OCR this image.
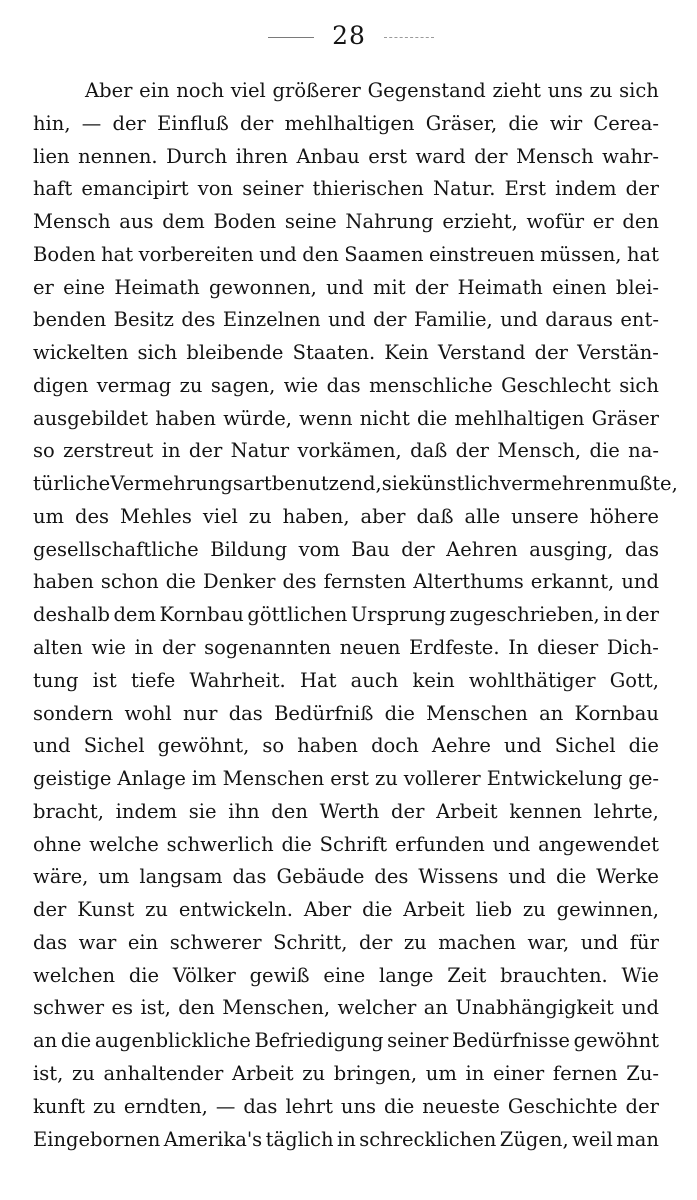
28
Aber ein noch viel größerer Gegenstand zieht uns zu sich
hin, — der Einfluß der mehlhaltigen Gräser, die wir Cerea-
lien nennen. Durch ihren Anbau erst ward der Mensch wahr-
haft emancipirt von seiner thierischen Natur. Erst indem der
Mensch aus dem Boden seine Nahrung erzieht, wofür er den
Boden hat vorbereiten und den Saamen einstreuen müssen, hat
er eine Heimath gewonnen, und mit der Heimath einen blei-
benden Besitz des Einzelnen und der Familie, und daraus ent-
wickelten sich bleibende Staaten. Kein Verstand der Verstän-
digen vermag zu sagen, wie das menschliche Geschlecht sich
ausgebildet haben würde, wenn nicht die mehlhaltigen Gräser
so zerstreut in der Natur vorkämen, daß der Mensch, die na-
türliche Vermehrungsart benutzend, sie künstlich vermehren mußte,
um des Mehles viel zu haben, aber daß alle unsere höhere
gesellschaftliche Bildung vom Bau der Aehren ausging, das
haben schon die Denker des fernsten Alterthums erkannt, und
deshalb dem Kornbau göttlichen Ursprung zugeschrieben, in der
alten wie in der sogenannten neuen Erdfeste. In dieser Dich-
tung ist tiefe Wahrheit. Hat auch kein wohlthätiger Gott,
sondern wohl nur das Bedürfniß die Menschen an Kornbau
und Sichel gewöhnt, so haben doch Aehre und Sichel die
geistige Anlage im Menschen erst zu vollerer Entwickelung ge-
bracht, indem sie ihn den Werth der Arbeit kennen lehrte,
ohne welche schwerlich die Schrift erfunden und angewendet
wäre, um langsam das Gebäude des Wissens und die Werke
der Kunst zu entwickeln. Aber die Arbeit lieb zu gewinnen,
das war ein schwerer Schritt, der zu machen war, und für
welchen die Völker gewiß eine lange Zeit brauchten. Wie
schwer es ist, den Menschen, welcher an Unabhängigkeit und
an die augenblickliche Befriedigung seiner Bedürfnisse gewöhnt
ist, zu anhaltender Arbeit zu bringen, um in einer fernen Zu-
kunft zu erndten, — das lehrt uns die neueste Geschichte der
Eingebornen Amerika's täglich in schrecklichen Zügen, weil man
